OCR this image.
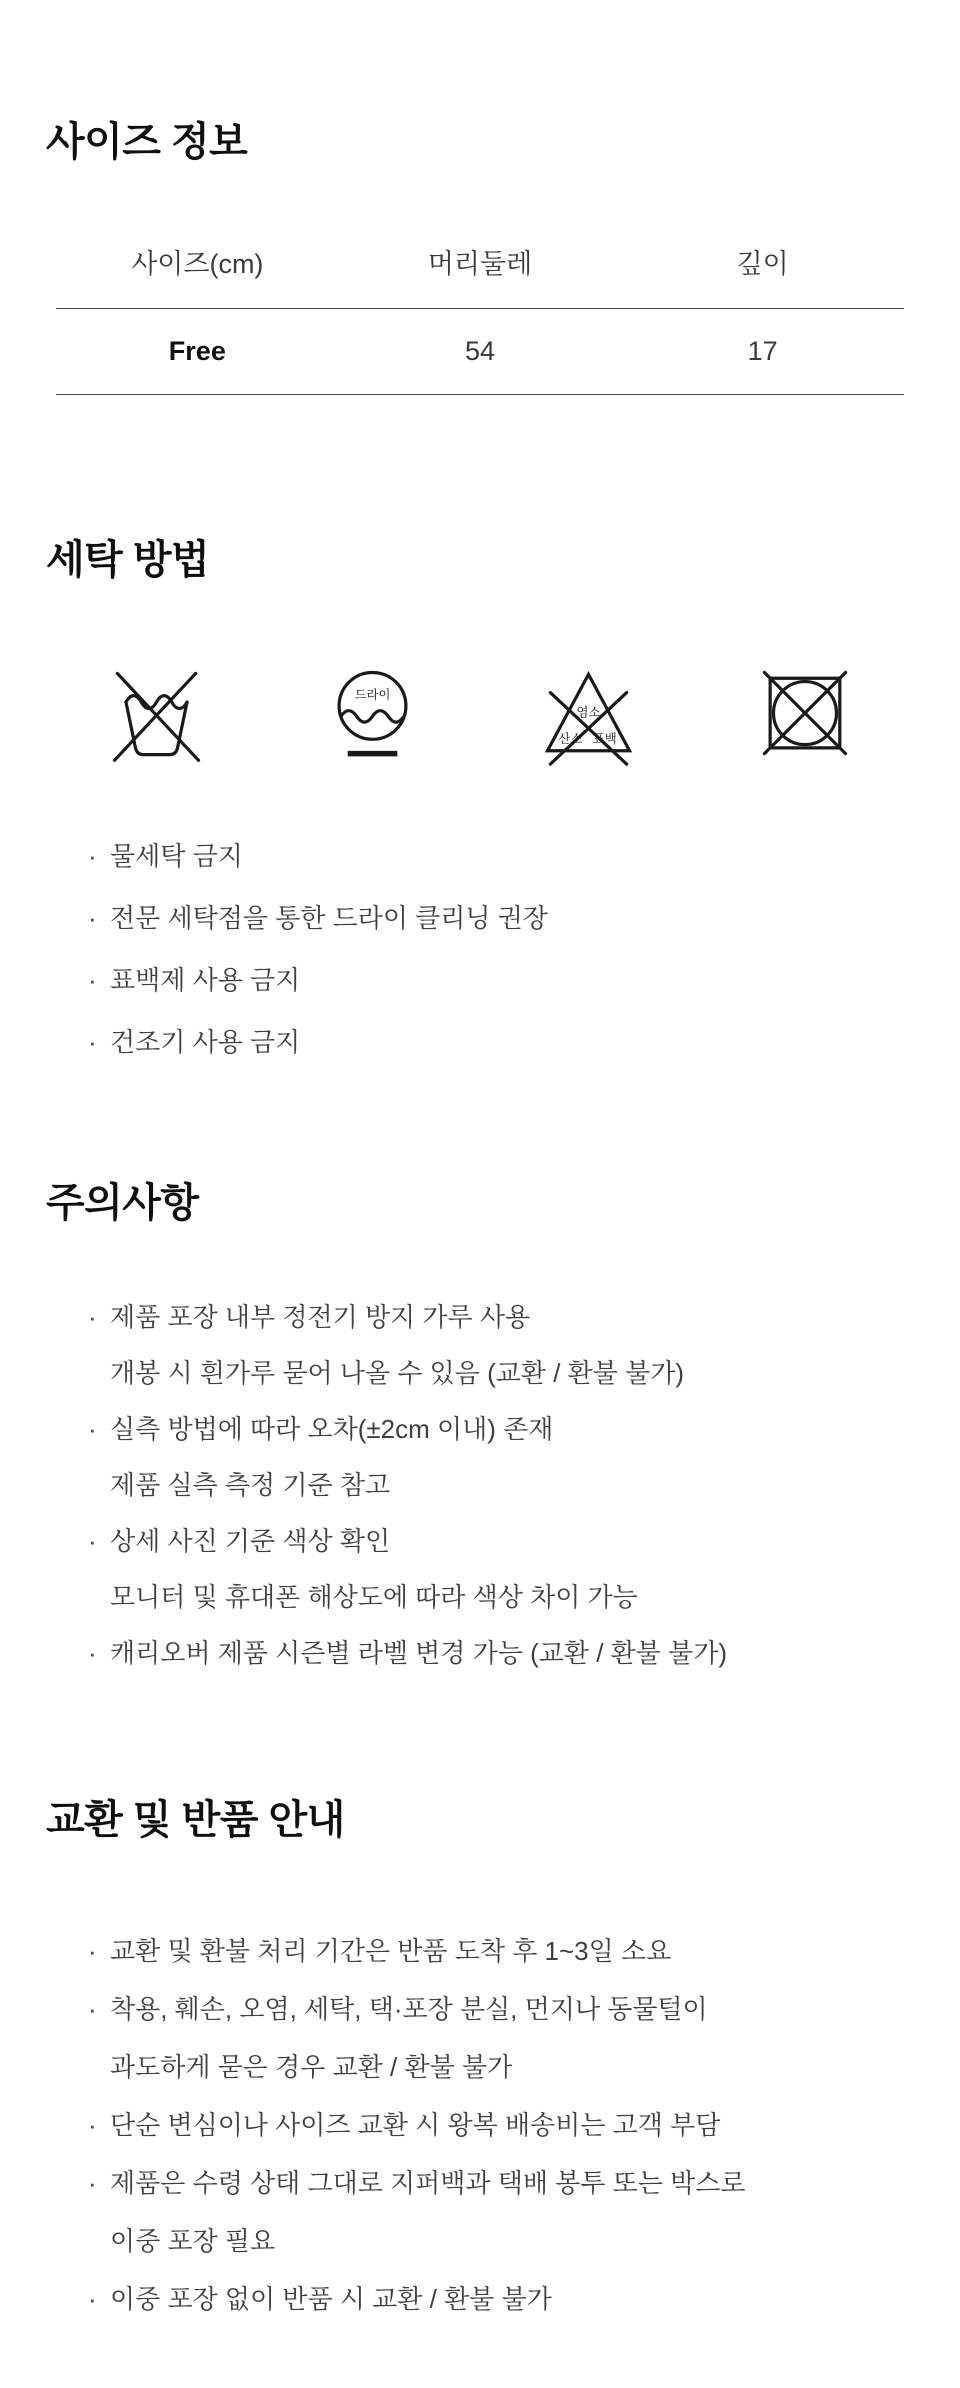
사이즈 정보
사이즈(cm)	머리둘레	깊이
Free	54	17
세탁 방법
드라이
염소
산소 표백
· 물세탁 금지
· 전문 세탁점을 통한 드라이 클리닝 권장
· 표백제 사용 금지
· 건조기 사용 금지
주의사항
· 제품 포장 내부 정전기 방지 가루 사용
개봉 시 흰가루 묻어 나올 수 있음 (교환 / 환불 불가)
· 실측 방법에 따라 오차(±2cm 이내) 존재
제품 실측 측정 기준 참고
· 상세 사진 기준 색상 확인
모니터 및 휴대폰 해상도에 따라 색상 차이 가능
· 캐리오버 제품 시즌별 라벨 변경 가능 (교환 / 환불 불가)
교환 및 반품 안내
· 교환 및 환불 처리 기간은 반품 도착 후 1~3일 소요
· 착용, 훼손, 오염, 세탁, 택·포장 분실, 먼지나 동물털이
과도하게 묻은 경우 교환 / 환불 불가
· 단순 변심이나 사이즈 교환 시 왕복 배송비는 고객 부담
· 제품은 수령 상태 그대로 지퍼백과 택배 봉투 또는 박스로
이중 포장 필요
· 이중 포장 없이 반품 시 교환 / 환불 불가
